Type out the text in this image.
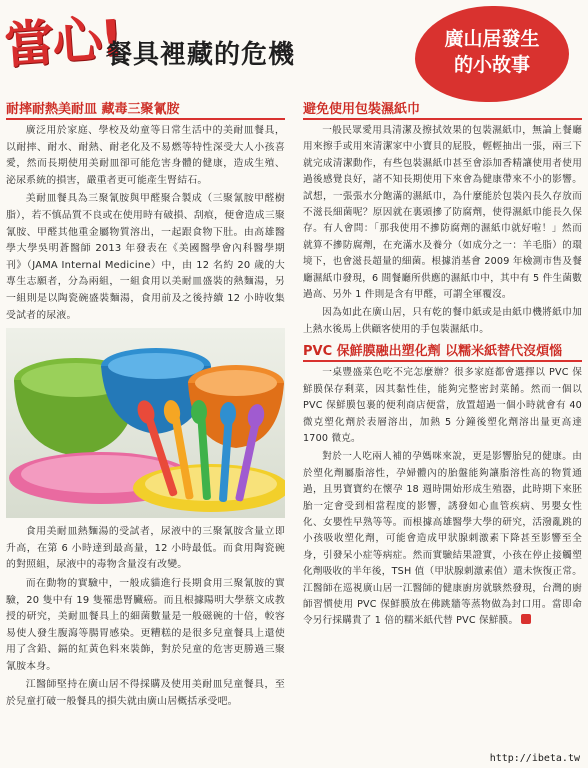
當心!
餐具裡藏的危機
廣山居發生
的小故事
耐摔耐熱美耐皿 藏毒三聚氰胺

廣泛用於家庭、學校及幼童等日常生活中的美耐皿餐具，以耐摔、耐水、耐熱、耐老化及不易燃等特性深受大人小孩喜愛，然而長期使用美耐皿卻可能危害身體的健康，造成生殖、泌尿系統的損害，嚴重者更可能產生腎結石。

美耐皿餐具為三聚氰胺與甲醛聚合製成（三聚氰胺甲醛樹脂），若不慎品質不良或在使用時有破損、刮痕，便會造成三聚氰胺、甲醛其他重金屬物質溶出，一起跟食物下肚。由高雄醫學大學吳明蒼醫師 2013 年發表在《美國醫學會內科醫學期刊》（JAMA Internal Medicine）中，由 12 名約 20 歲的大專生志願者，分為兩組，一組食用以美耐皿盛裝的熱麵湯，另一組則是以陶瓷碗盛裝麵湯，食用前及之後持續 12 小時收集受試者的尿液。

食用美耐皿熱麵湯的受試者，尿液中的三聚氰胺含量立即升高，在第 6 小時達到最高量，12 小時最低。而食用陶瓷碗的對照組，尿液中的毒物含量沒有改變。

而在動物的實驗中，一般成貓進行長期食用三聚氰胺的實驗，20 隻中有 19 隻罹患腎臟癌。而且根據陽明大學蔡文成教授的研究，美耐皿餐具上的細菌數量是一般磁碗的十倍，較容易使人發生腹瀉等腸胃感染。更糟糕的是很多兒童餐具上還使用了含鉛、鎘的紅黃色料來裝飾，對於兒童的危害更勝過三聚氰胺本身。

江醫師堅持在廣山居不得採購及使用美耐皿兒童餐具，至於兒童打破一般餐具的損失就由廣山居概括承受吧。

避免使用包裝濕紙巾

一般民眾愛用具清潔及擦拭效果的包裝濕紙巾，無論上餐廳用來擦手或用來清潔家中小寶貝的屁股，輕輕抽出一張，兩三下就完成清潔動作，有些包裝濕紙巾甚至會添加香精讓使用者使用過後感覺良好，諸不知長期使用下來會為健康帶來不小的影響。試想，一張張水分飽滿的濕紙巾，為什麼能於包裝內長久存放而不滋長細菌呢？原因就在裏頭摻了防腐劑，使得濕紙巾能長久保存。有人會問：「那我使用不摻防腐劑的濕紙巾就好啦！」然而就算不摻防腐劑，在充滿水及養分（如成分之一：羊毛脂）的環境下，也會滋長超量的細菌。根據消基會 2009 年檢測市售及餐廳濕紙巾發現，6 間餐廳所供應的濕紙巾中，其中有 5 件生菌數過高、另外 1 件則是含有甲醛，可謂全軍覆沒。

因為如此在廣山居，只有乾的餐巾紙或是由紙巾機將紙巾加上熱水後馬上供顧客使用的手包裝濕紙巾。

PVC 保鮮膜融出塑化劑 以糯米紙替代沒煩惱

一桌豐盛菜色吃不完怎麼辦？很多家庭都會選擇以 PVC 保鮮膜保存剩菜，因其黏性佳，能夠完整密封菜餚。然而一個以 PVC 保鮮膜包裹的便利商店便當，放置超過一個小時就會有 40 微克塑化劑於表層溶出，加熱 5 分鐘後塑化劑溶出量更高達 1700 微克。

對於一人吃兩人補的孕媽咪來說，更是影響胎兒的健康。由於塑化劑屬脂溶性，孕婦體內的胎盤能夠讓脂溶性高的物質通過，且男寶寶約在懷孕 18 週時開始形成生殖器，此時期下來胚胎一定會受到相當程度的影響，誘發如心血管疾病、男嬰女性化、女嬰性早熟等等。而根據高雄醫學大學的研究，活潑亂跳的小孩吸收塑化劑，可能會造成甲狀腺刺激素下降甚至影響至全身，引發呆小症等病症。然而實驗結果證實，小孩在停止接觸塑化劑吸收的半年後，TSH 值（甲狀腺刺激素值）還未恢復正常。江醫師在巡視廣山居一江醫師的健康廚房就駭然發現，台灣的廚師習慣使用 PVC 保鮮膜放在佛跳牆等蒸物做為封口用。當即命令另行採購貴了 1 倍的糯米紙代替 PVC 保鮮膜。

http://ibeta.tw
